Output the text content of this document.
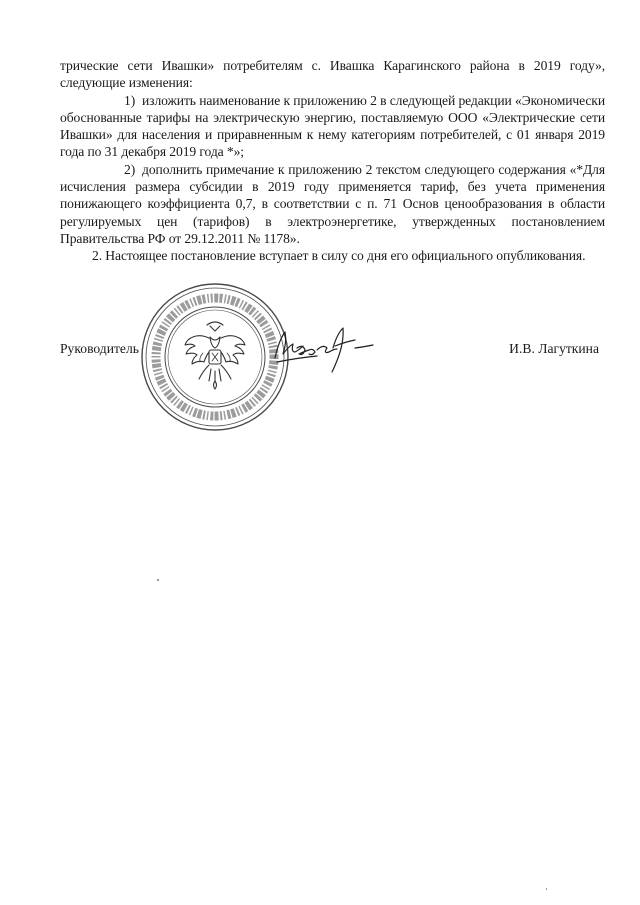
трические сети Ивашки» потребителям с. Ивашка Карагинского района в 2019 году», следующие изменения:

1) изложить наименование к приложению 2 в следующей редакции «Экономически обоснованные тарифы на электрическую энергию, поставляемую ООО «Электрические сети Ивашки» для населения и приравненным к нему категориям потребителей, с 01 января 2019 года по 31 декабря 2019 года *»;

2) дополнить примечание к приложению 2 текстом следующего содержания «*Для исчисления размера субсидии в 2019 году применяется тариф, без учета применения понижающего коэффициента 0,7, в соответствии с п. 71 Основ ценообразования в области регулируемых цен (тарифов) в электроэнергетике, утвержденных постановлением Правительства РФ от 29.12.2011 № 1178».

2. Настоящее постановление вступает в силу со дня его официального опубликования.

Руководитель	И.В. Лагуткина
